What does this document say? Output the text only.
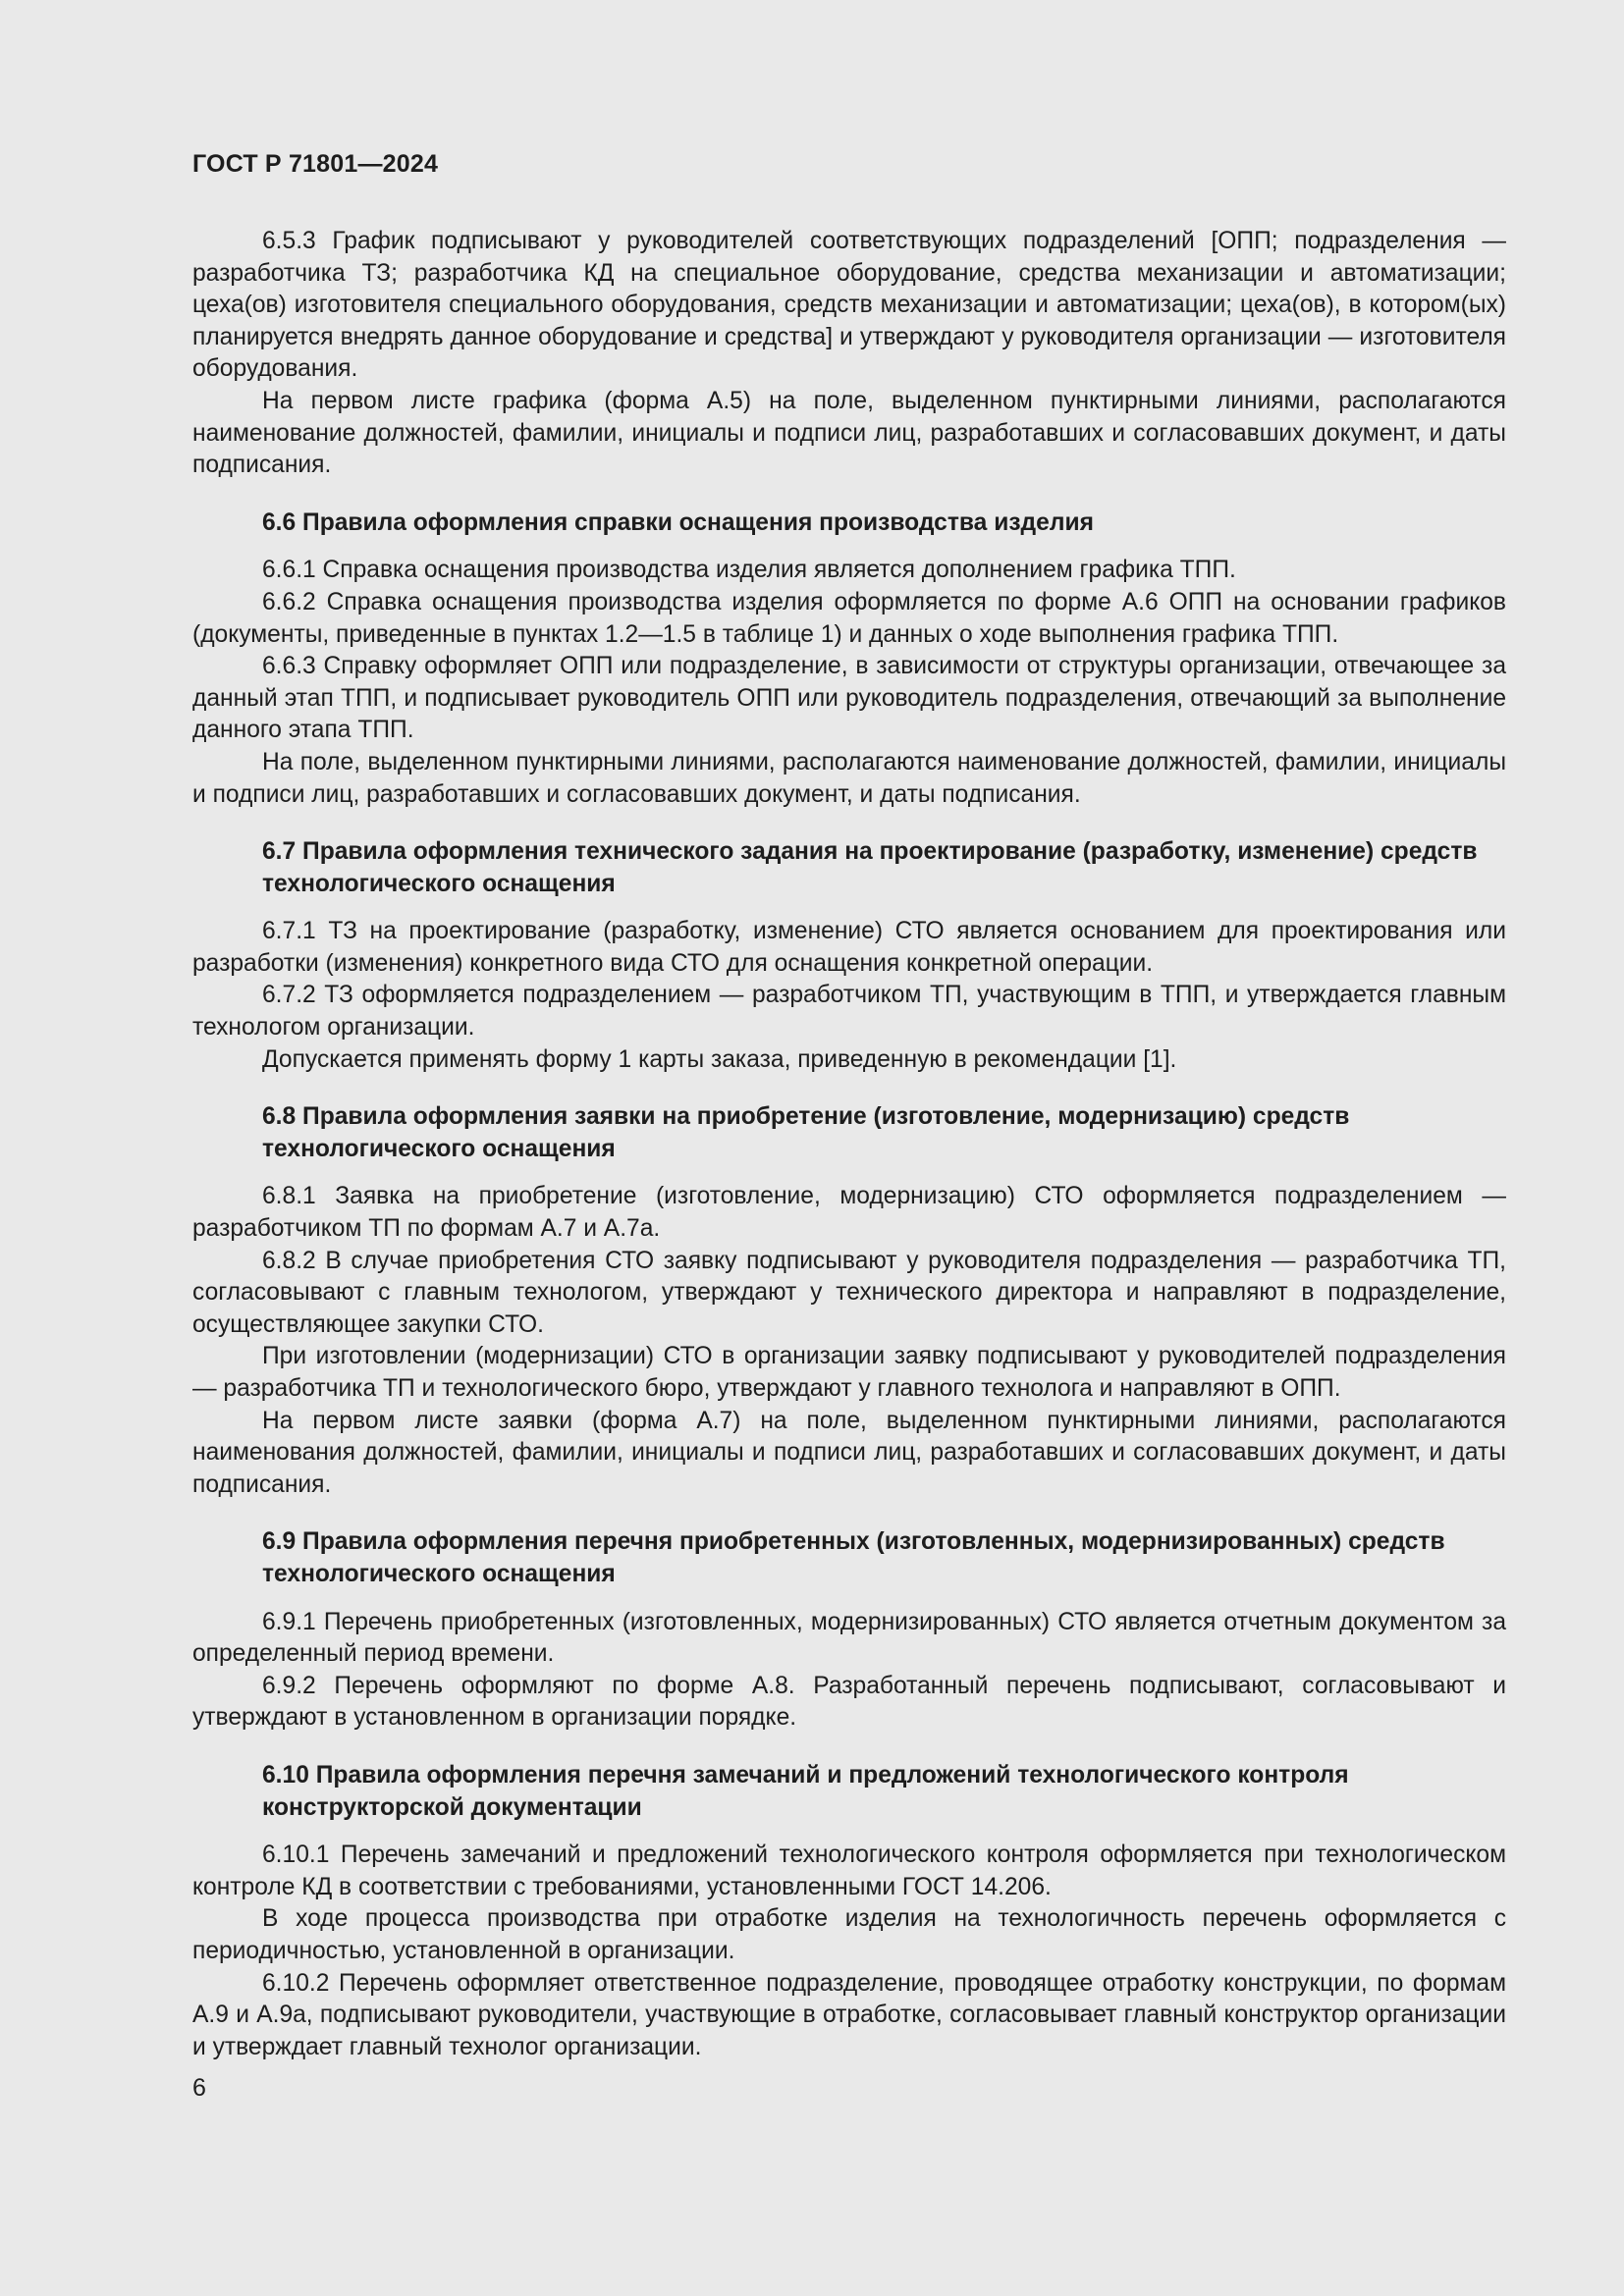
ГОСТ Р 71801—2024

6.5.3 График подписывают у руководителей соответствующих подразделений [ОПП; подразделения — разработчика ТЗ; разработчика КД на специальное оборудование, средства механизации и автоматизации; цеха(ов) изготовителя специального оборудования, средств механизации и автоматизации; цеха(ов), в котором(ых) планируется внедрять данное оборудование и средства] и утверждают у руководителя организации — изготовителя оборудования.

На первом листе графика (форма А.5) на поле, выделенном пунктирными линиями, располагаются наименование должностей, фамилии, инициалы и подписи лиц, разработавших и согласовавших документ, и даты подписания.

6.6 Правила оформления справки оснащения производства изделия

6.6.1 Справка оснащения производства изделия является дополнением графика ТПП.

6.6.2 Справка оснащения производства изделия оформляется по форме А.6 ОПП на основании графиков (документы, приведенные в пунктах 1.2—1.5 в таблице 1) и данных о ходе выполнения графика ТПП.

6.6.3 Справку оформляет ОПП или подразделение, в зависимости от структуры организации, отвечающее за данный этап ТПП, и подписывает руководитель ОПП или руководитель подразделения, отвечающий за выполнение данного этапа ТПП.

На поле, выделенном пунктирными линиями, располагаются наименование должностей, фамилии, инициалы и подписи лиц, разработавших и согласовавших документ, и даты подписания.

6.7 Правила оформления технического задания на проектирование (разработку, изменение) средств технологического оснащения

6.7.1 ТЗ на проектирование (разработку, изменение) СТО является основанием для проектирования или разработки (изменения) конкретного вида СТО для оснащения конкретной операции.

6.7.2 ТЗ оформляется подразделением — разработчиком ТП, участвующим в ТПП, и утверждается главным технологом организации.

Допускается применять форму 1 карты заказа, приведенную в рекомендации [1].

6.8 Правила оформления заявки на приобретение (изготовление, модернизацию) средств технологического оснащения

6.8.1 Заявка на приобретение (изготовление, модернизацию) СТО оформляется подразделением — разработчиком ТП по формам А.7 и А.7а.

6.8.2 В случае приобретения СТО заявку подписывают у руководителя подразделения — разработчика ТП, согласовывают с главным технологом, утверждают у технического директора и направляют в подразделение, осуществляющее закупки СТО.

При изготовлении (модернизации) СТО в организации заявку подписывают у руководителей подразделения — разработчика ТП и технологического бюро, утверждают у главного технолога и направляют в ОПП.

На первом листе заявки (форма А.7) на поле, выделенном пунктирными линиями, располагаются наименования должностей, фамилии, инициалы и подписи лиц, разработавших и согласовавших документ, и даты подписания.

6.9 Правила оформления перечня приобретенных (изготовленных, модернизированных) средств технологического оснащения

6.9.1 Перечень приобретенных (изготовленных, модернизированных) СТО является отчетным документом за определенный период времени.

6.9.2 Перечень оформляют по форме А.8. Разработанный перечень подписывают, согласовывают и утверждают в установленном в организации порядке.

6.10 Правила оформления перечня замечаний и предложений технологического контроля конструкторской документации

6.10.1 Перечень замечаний и предложений технологического контроля оформляется при технологическом контроле КД в соответствии с требованиями, установленными ГОСТ 14.206.

В ходе процесса производства при отработке изделия на технологичность перечень оформляется с периодичностью, установленной в организации.

6.10.2 Перечень оформляет ответственное подразделение, проводящее отработку конструкции, по формам А.9 и А.9а, подписывают руководители, участвующие в отработке, согласовывает главный конструктор организации и утверждает главный технолог организации.

6
